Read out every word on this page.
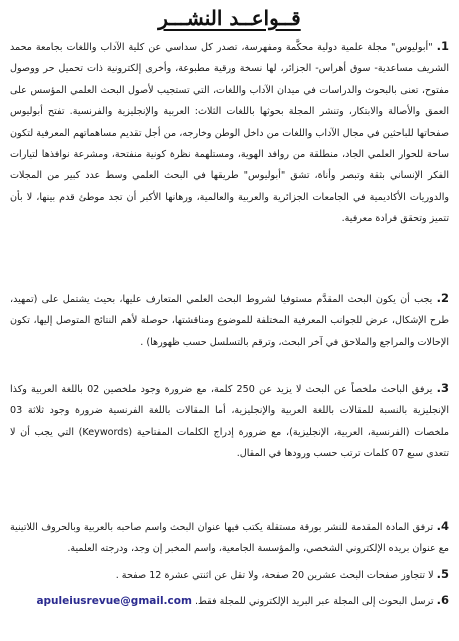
قــواعــد النشـــر
1. "أبوليوس" مجلة علمية دولية محكَّمة ومفهرسة، تصدر كل سداسي عن كلية الآداب واللغات بجامعة محمد الشريف مساعدية- سوق أهراس- الجزائر، لها نسخة ورقية مطبوعة، وأخرى إلكترونية ذات تحميل حر ووصول مفتوح، تعنى بالبحوث والدراسات في ميدان الآداب واللغات، التي تستجيب لأصول البحث العلمي المؤسس على العمق والأصالة والابتكار، وتنشر المجلة بحوثها باللغات الثلاث: العربية والإنجليزية والفرنسية. تفتح أبوليوس صفحاتها للباحثين في مجال الآداب واللغات من داخل الوطن وخارجه، من أجل تقديم مساهماتهم المعرفية لتكون ساحة للحوار العلمي الجاد، منطلقة من روافد الهوية، ومستلهمة نظرة كونية منفتحة، ومشرعة نوافذها لتيارات الفكر الإنساني بثقة وتبصر وأناة، تشق "أبوليوس" طريقها في البحث العلمي وسط عدد كبير من المجلات والدوريات الأكاديمية في الجامعات الجزائرية والعربية والعالمية، ورهانها الأكبر أن تجد موطئ قدم بينها، لا بأن تتميز وتحقق فرادة معرفية.
2. يجب أن يكون البحث المقدَّم مستوفيا لشروط البحث العلمي المتعارف عليها، بحيث يشتمل على (تمهيد، طرح الإشكال، عرض للجوانب المعرفية المختلفة للموضوع ومناقشتها، حوصلة لأهم النتائج المتوصل إليها، تكون الإحالات والمراجع والملاحق في آخر البحث، وترقم بالتسلسل حسب ظهورها) .
3. يرفق الباحث ملخصاً عن البحث لا يزيد عن 250 كلمة، مع ضرورة وجود ملخصين 02 باللغة العربية وكذا الإنجليزية بالنسبة للمقالات باللغة العربية والإنجليزية، أما المقالات باللغة الفرنسية ضرورة وجود ثلاثة 03 ملخصات (الفرنسية، العربية، الإنجليزية)، مع ضرورة إدراج الكلمات المفتاحية (Keywords) التي يجب أن لا تتعدى سبع 07 كلمات ترتب حسب ورودها في المقال.
4. ترفق المادة المقدمة للنشر بورقة مستقلة يكتب فيها عنوان البحث واسم صاحبه بالعربية وبالحروف اللاتينية مع عنوان بريده الإلكتروني الشخصي، والمؤسسة الجامعية، واسم المخبر إن وجد، ودرجته العلمية.
5. لا تتجاوز صفحات البحث عشرين 20 صفحة، ولا تقل عن اثنتي عشرة 12 صفحة .
6. ترسل البحوث إلى المجلة عبر البريد الإلكتروني للمجلة فقط. apuleiusrevue@gmail.com
